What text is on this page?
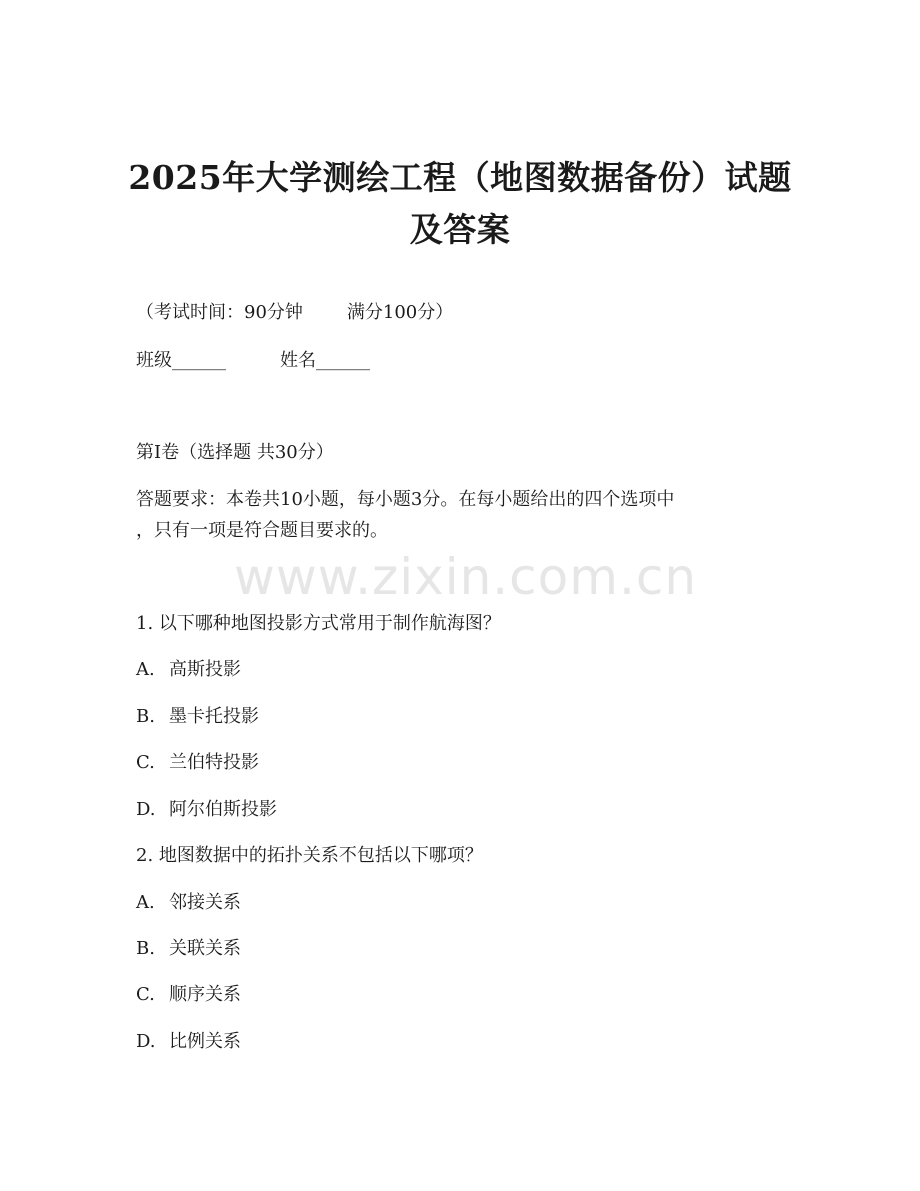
2025年大学测绘工程（地图数据备份）试题
及答案
（考试时间：90分钟 满分100分）
班级______	姓名______
第I卷（选择题 共30分）
答题要求：本卷共10小题，每小题3分。在每小题给出的四个选项中
，只有一项是符合题目要求的。
www.zixin.com.cn
1. 以下哪种地图投影方式常用于制作航海图？
A. 高斯投影
B. 墨卡托投影
C. 兰伯特投影
D. 阿尔伯斯投影
2. 地图数据中的拓扑关系不包括以下哪项？
A. 邻接关系
B. 关联关系
C. 顺序关系
D. 比例关系
